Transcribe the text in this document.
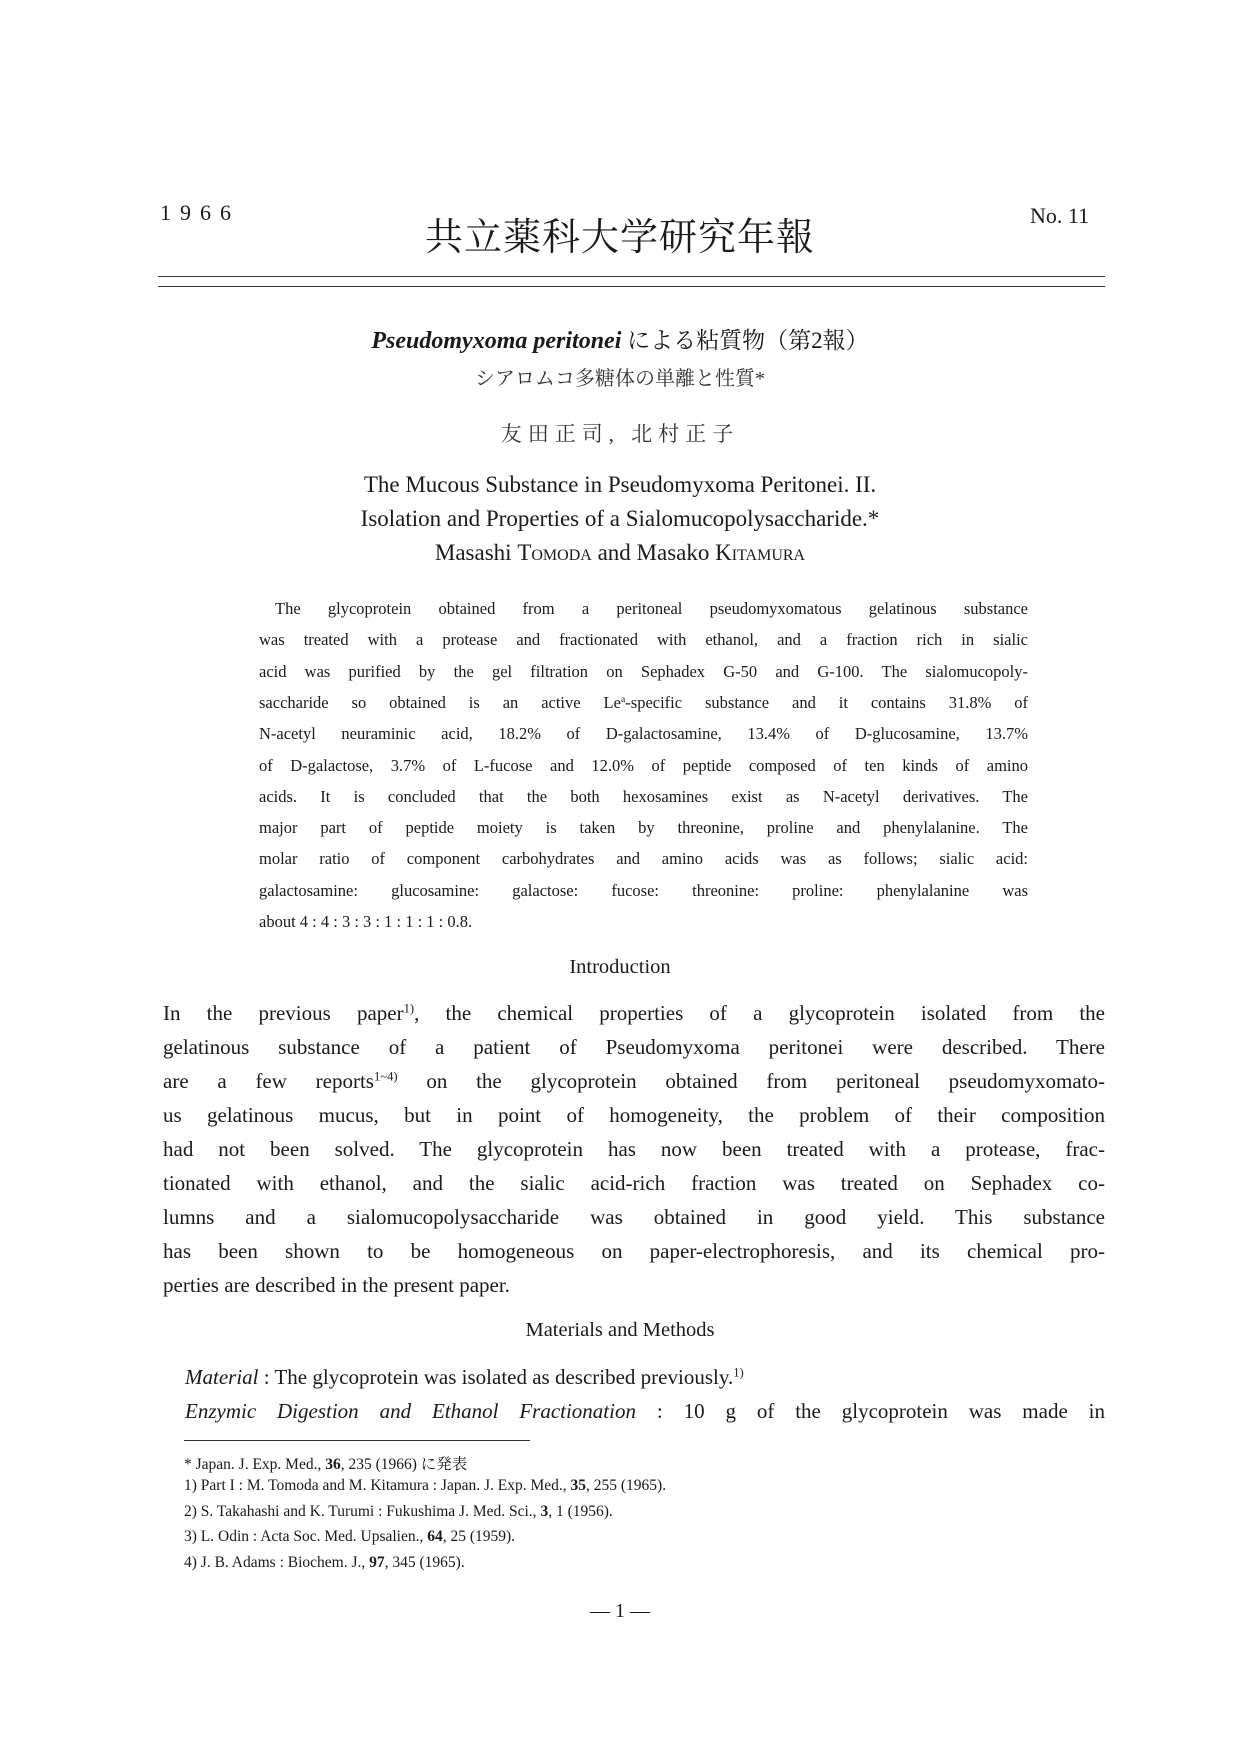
1966
共立薬科大学研究年報	No. 11
Pseudomyxoma peritonei による粘質物（第2報）
シアロムコ多糖体の単離と性質*
友田正司, 北村正子
The Mucous Substance in Pseudomyxoma Peritonei. II.
Isolation and Properties of a Sialomucopolysaccharide.*
Masashi Tomoda and Masako Kitamura
The glycoprotein obtained from a peritoneal pseudomyxomatous gelatinous substance
was treated with a protease and fractionated with ethanol, and a fraction rich in sialic
acid was purified by the gel filtration on Sephadex G-50 and G-100. The sialomucopoly-
saccharide so obtained is an active Le$^a$-specific substance and it contains 31.8% of
N-acetyl neuraminic acid, 18.2% of D-galactosamine, 13.4% of D-glucosamine, 13.7%
of D-galactose, 3.7% of L-fucose and 12.0% of peptide composed of ten kinds of amino
acids. It is concluded that the both hexosamines exist as N-acetyl derivatives. The
major part of peptide moiety is taken by threonine, proline and phenylalanine. The
molar ratio of component carbohydrates and amino acids was as follows; sialic acid:
galactosamine: glucosamine: galactose: fucose: threonine: proline: phenylalanine was
about 4 : 4 : 3 : 3 : 1 : 1 : 1 : 0.8.
Introduction
In the previous paper$^{1)}$, the chemical properties of a glycoprotein isolated from the
gelatinous substance of a patient of Pseudomyxoma peritonei were described. There
are a few reports$^{1\sim 4)}$ on the glycoprotein obtained from peritoneal pseudomyxomato-
us gelatinous mucus, but in point of homogeneity, the problem of their composition
had not been solved. The glycoprotein has now been treated with a protease, frac-
tionated with ethanol, and the sialic acid-rich fraction was treated on Sephadex co-
lumns and a sialomucopolysaccharide was obtained in good yield. This substance
has been shown to be homogeneous on paper-electrophoresis, and its chemical pro-
perties are described in the present paper.
Materials and Methods
Material : The glycoprotein was isolated as described previously.$^{1)}$
Enzymic Digestion and Ethanol Fractionation : 10 g of the glycoprotein was made in
* Japan. J. Exp. Med., 36, 235 (1966) に発表
1) Part I : M. Tomoda and M. Kitamura : Japan. J. Exp. Med., 35, 255 (1965).
2) S. Takahashi and K. Turumi : Fukushima J. Med. Sci., 3, 1 (1956).
3) L. Odin : Acta Soc. Med. Upsalien., 64, 25 (1959).
4) J. B. Adams : Biochem. J., 97, 345 (1965).
— 1 —
